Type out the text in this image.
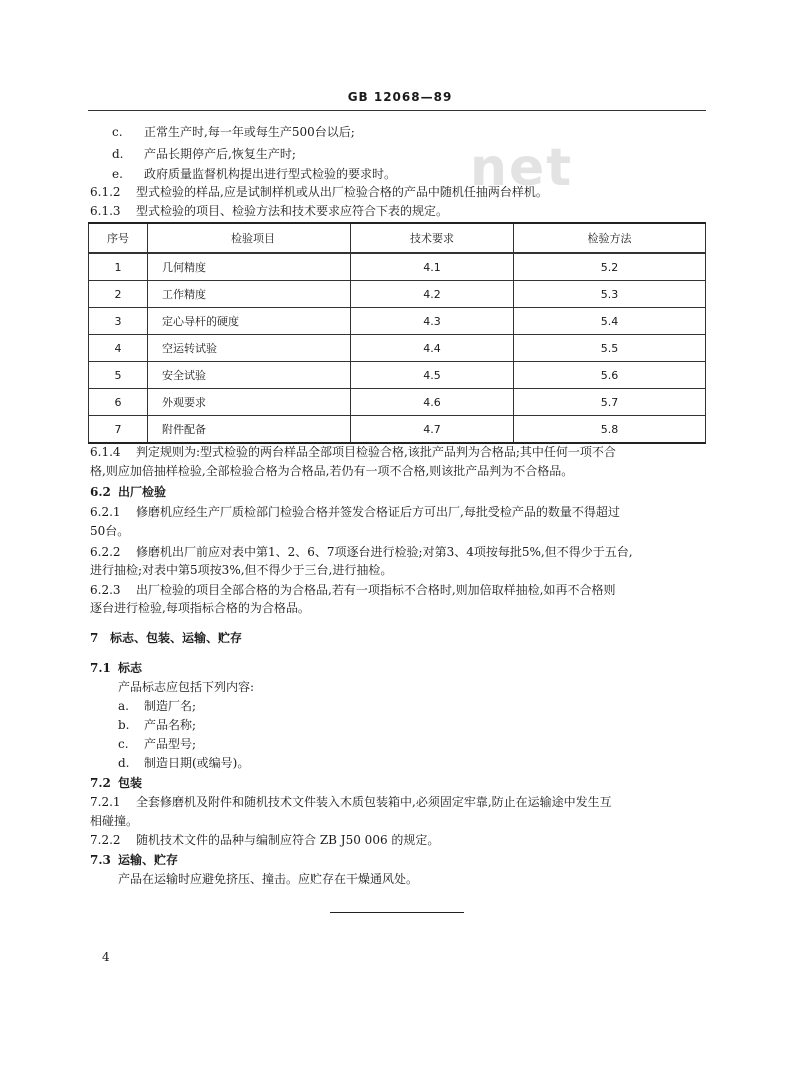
GB 12068—89
net
c. 正常生产时,每一年或每生产500台以后;
d. 产品长期停产后,恢复生产时;
e. 政府质量监督机构提出进行型式检验的要求时。
6.1.2 型式检验的样品,应是试制样机或从出厂检验合格的产品中随机任抽两台样机。
6.1.3 型式检验的项目、检验方法和技术要求应符合下表的规定。
序号	检验项目	技术要求	检验方法
1	几何精度	4.1	5.2
2	工作精度	4.2	5.3
3	定心导杆的硬度	4.3	5.4
4	空运转试验	4.4	5.5
5	安全试验	4.5	5.6
6	外观要求	4.6	5.7
7	附件配备	4.7	5.8
6.1.4 判定规则为:型式检验的两台样品全部项目检验合格,该批产品判为合格品;其中任何一项不合
格,则应加倍抽样检验,全部检验合格为合格品,若仍有一项不合格,则该批产品判为不合格品。
6.2 出厂检验
6.2.1 修磨机应经生产厂质检部门检验合格并签发合格证后方可出厂,每批受检产品的数量不得超过
50台。
6.2.2 修磨机出厂前应对表中第1、2、6、7项逐台进行检验;对第3、4项按每批5%,但不得少于五台,
进行抽检;对表中第5项按3%,但不得少于三台,进行抽检。
6.2.3 出厂检验的项目全部合格的为合格品,若有一项指标不合格时,则加倍取样抽检,如再不合格则
逐台进行检验,每项指标合格的为合格品。
7 标志、包装、运输、贮存
7.1 标志
产品标志应包括下列内容:
a. 制造厂名;
b. 产品名称;
c. 产品型号;
d. 制造日期(或编号)。
7.2 包装
7.2.1 全套修磨机及附件和随机技术文件装入木质包装箱中,必须固定牢靠,防止在运输途中发生互
相碰撞。
7.2.2 随机技术文件的品种与编制应符合 ZB J50 006 的规定。
7.3 运输、贮存
产品在运输时应避免挤压、撞击。应贮存在干燥通风处。
4
